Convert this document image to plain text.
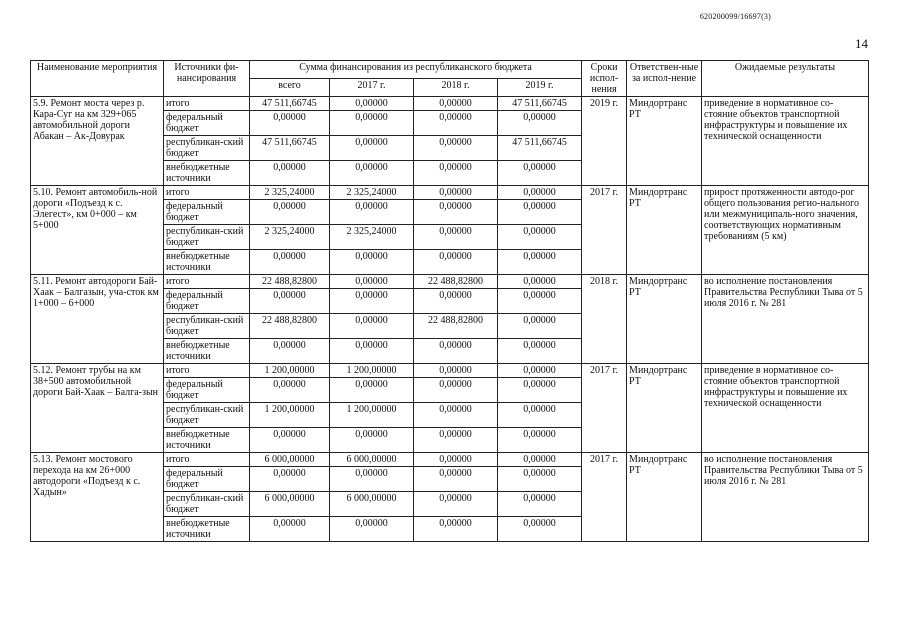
620200099/16697(3)
14
Наименование мероприятия	Источники фи-нансирования	Сумма финансирования из республиканского бюджета				Сроки испол-нения	Ответствен-ные за испол-нение	Ожидаемые результаты
		всего	2017 г.	2018 г.	2019 г.			
5.9. Ремонт моста через р. Кара-Суг на км 329+065 автомобильной дороги Абакан – Ак-Довурак	итого	47 511,66745	0,00000	0,00000	47 511,66745	2019 г.	Миндортранс РТ	приведение в нормативное со-стояние объектов транспортной инфраструктуры и повышение их технической оснащенности
	федеральный бюджет	0,00000	0,00000	0,00000	0,00000			
	республикан-ский бюджет	47 511,66745	0,00000	0,00000	47 511,66745			
	внебюджетные источники	0,00000	0,00000	0,00000	0,00000			
5.10. Ремонт автомобиль-ной дороги «Подъезд к с. Элегест», км 0+000 – км 5+000	итого	2 325,24000	2 325,24000	0,00000	0,00000	2017 г.	Миндортранс РТ	прирост протяженности автодо-рог общего пользования регио-нального или межмуниципаль-ного значения, соответствующих нормативным требованиям (5 км)
	федеральный бюджет	0,00000	0,00000	0,00000	0,00000			
	республикан-ский бюджет	2 325,24000	2 325,24000	0,00000	0,00000			
	внебюджетные источники	0,00000	0,00000	0,00000	0,00000			
5.11. Ремонт автодороги Бай-Хаак – Балгазын, уча-сток км 1+000 – 6+000	итого	22 488,82800	0,00000	22 488,82800	0,00000	2018 г.	Миндортранс РТ	во исполнение постановления Правительства Республики Тыва от 5 июля 2016 г. № 281
	федеральный бюджет	0,00000	0,00000	0,00000	0,00000			
	республикан-ский бюджет	22 488,82800	0,00000	22 488,82800	0,00000			
	внебюджетные источники	0,00000	0,00000	0,00000	0,00000			
5.12. Ремонт трубы на км 38+500 автомобильной дороги Бай-Хаак – Балга-зын	итого	1 200,00000	1 200,00000	0,00000	0,00000	2017 г.	Миндортранс РТ	приведение в нормативное со-стояние объектов транспортной инфраструктуры и повышение их технической оснащенности
	федеральный бюджет	0,00000	0,00000	0,00000	0,00000			
	республикан-ский бюджет	1 200,00000	1 200,00000	0,00000	0,00000			
	внебюджетные источники	0,00000	0,00000	0,00000	0,00000			
5.13. Ремонт мостового перехода на км 26+000 автодороги «Подъезд к с. Хадын»	итого	6 000,00000	6 000,00000	0,00000	0,00000	2017 г.	Миндортранс РТ	во исполнение постановления Правительства Республики Тыва от 5 июля 2016 г. № 281
	федеральный бюджет	0,00000	0,00000	0,00000	0,00000			
	республикан-ский бюджет	6 000,00000	6 000,00000	0,00000	0,00000			
	внебюджетные источники	0,00000	0,00000	0,00000	0,00000			
